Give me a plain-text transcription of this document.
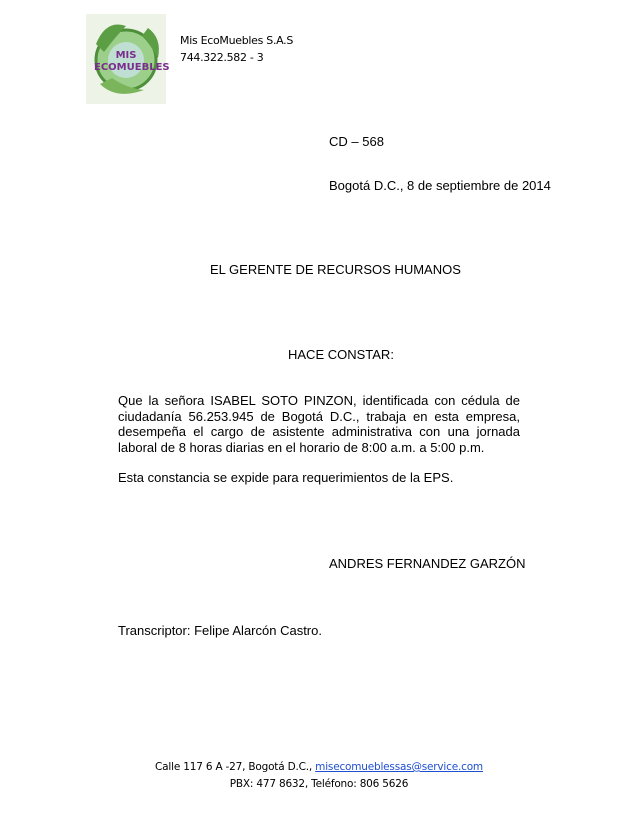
MIS ECOMUEBLES
Mis EcoMuebles S.A.S
744.322.582 - 3
CD – 568
Bogotá D.C., 8 de septiembre de 2014
EL GERENTE DE RECURSOS HUMANOS
HACE CONSTAR:
Que la señora ISABEL SOTO PINZON, identificada con cédula de ciudadanía 56.253.945 de Bogotá D.C., trabaja en esta empresa, desempeña el cargo de asistente administrativa con una jornada laboral de 8 horas diarias en el horario de 8:00 a.m. a 5:00 p.m.
Esta constancia se expide para requerimientos de la EPS.
ANDRES FERNANDEZ GARZÓN
Transcriptor: Felipe Alarcón Castro.
Calle 117 6 A -27, Bogotá D.C., misecomueblessas@service.com
PBX: 477 8632, Teléfono: 806 5626
